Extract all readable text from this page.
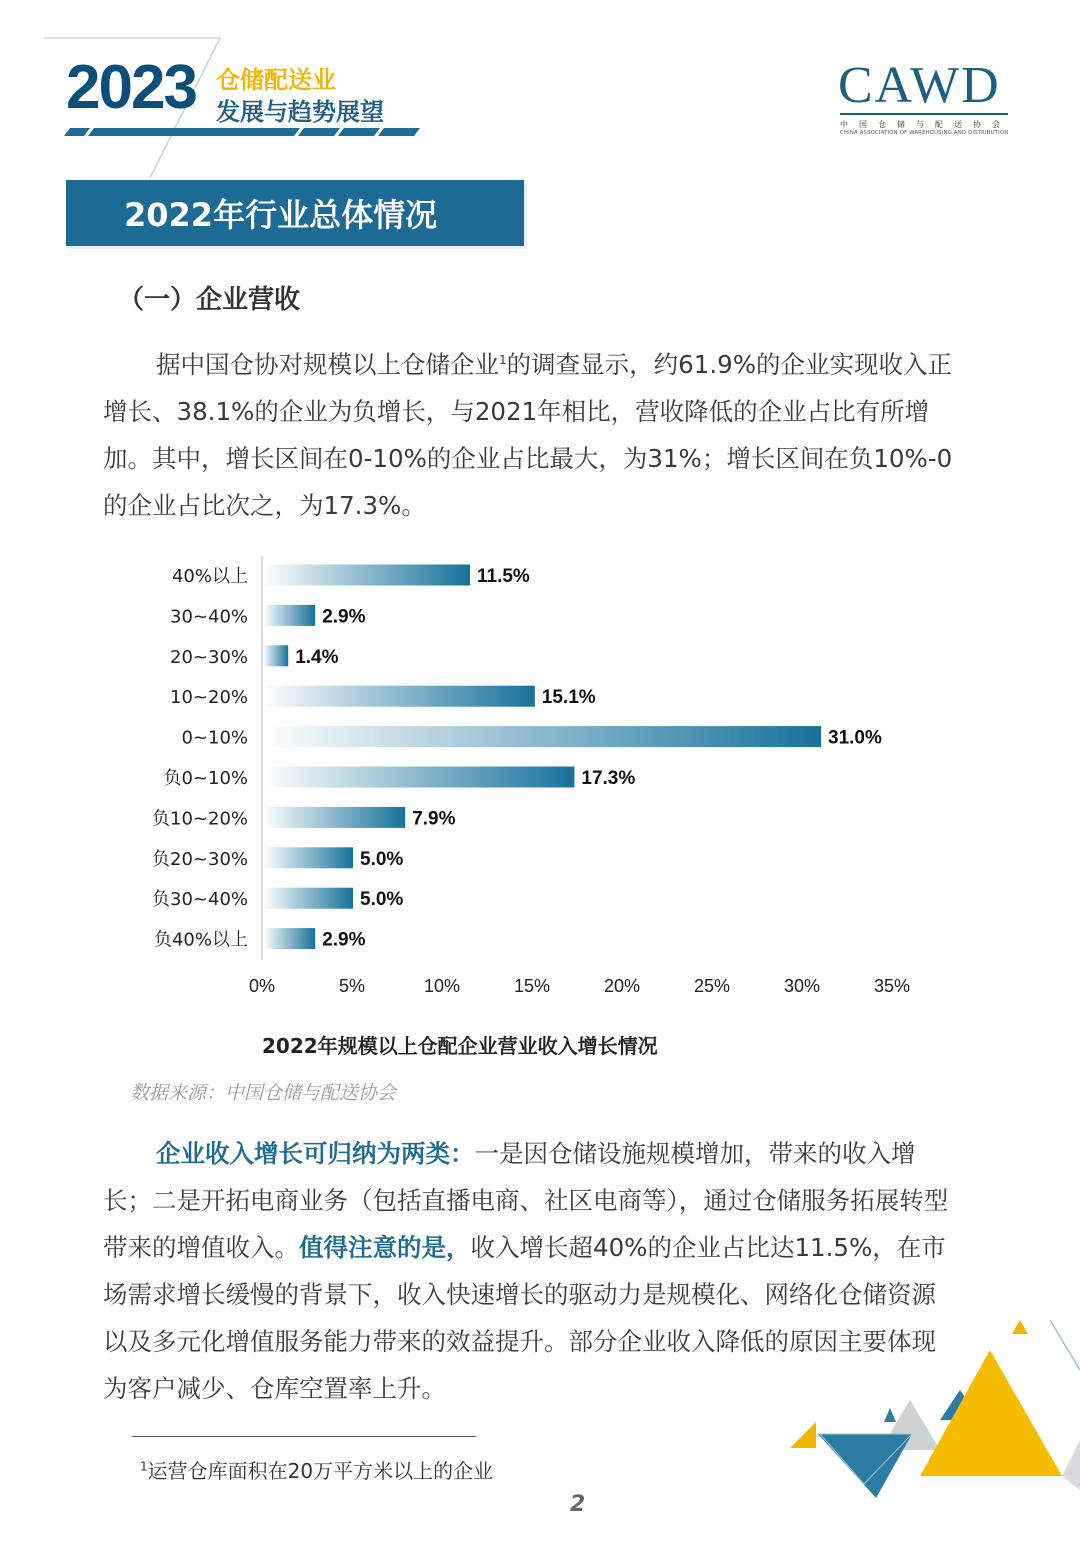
2023 仓储配送业
发展与趋势展望	CAWD
中国仓储与配送协会
CHINA ASSOCIATION OF WAREHOUSING AND DISTRIBUTION
2022年行业总体情况
（一）企业营收

据中国仓协对规模以上仓储企业$^1$的调查显示，约61.9%的企业实现收入正增长、38.1%的企业为负增长，与2021年相比，营收降低的企业占比有所增加。其中，增长区间在0-10%的企业占比最大，为31%；增长区间在负10%-0的企业占比次之，为17.3%。

40%以上	11.5%
30~40%	2.9%
20~30% 1.4%
10~20%	15.1%
0~10%	31.0%
负0~10%	17.3%
负10~20%	7.9%
负20~30%	5.0%
负30~40%	5.0%
负40%以上	2.9%
0%	5%	10%	15%	20%	25%	30%	35%
2022年规模以上仓配企业营业收入增长情况
数据来源：中国仓储与配送协会

企业收入增长可归纳为两类：一是因仓储设施规模增加，带来的收入增长；二是开拓电商业务（包括直播电商、社区电商等），通过仓储服务拓展转型带来的增值收入。值得注意的是，收入增长超40%的企业占比达11.5%，在市场需求增长缓慢的背景下，收入快速增长的驱动力是规模化、网络化仓储资源以及多元化增值服务能力带来的效益提升。部分企业收入降低的原因主要体现为客户减少、仓库空置率上升。

$^1$运营仓库面积在20万平方米以上的企业
2
